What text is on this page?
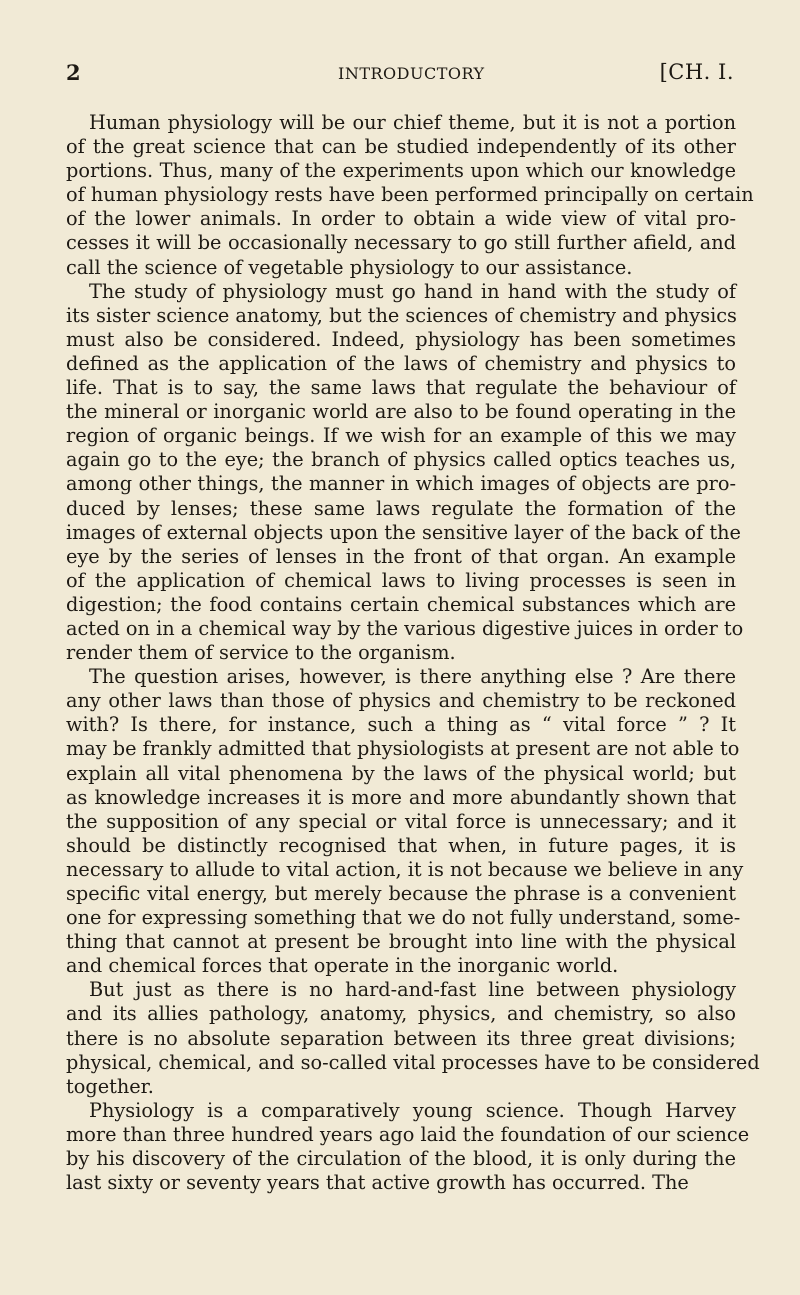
2	INTRODUCTORY	[CH. I.
Human physiology will be our chief theme, but it is not a portion
of the great science that can be studied independently of its other
portions. Thus, many of the experiments upon which our knowledge
of human physiology rests have been performed principally on certain
of the lower animals. In order to obtain a wide view of vital pro-
cesses it will be occasionally necessary to go still further afield, and
call the science of vegetable physiology to our assistance.
The study of physiology must go hand in hand with the study of
its sister science anatomy, but the sciences of chemistry and physics
must also be considered. Indeed, physiology has been sometimes
defined as the application of the laws of chemistry and physics to
life. That is to say, the same laws that regulate the behaviour of
the mineral or inorganic world are also to be found operating in the
region of organic beings. If we wish for an example of this we may
again go to the eye; the branch of physics called optics teaches us,
among other things, the manner in which images of objects are pro-
duced by lenses; these same laws regulate the formation of the
images of external objects upon the sensitive layer of the back of the
eye by the series of lenses in the front of that organ. An example
of the application of chemical laws to living processes is seen in
digestion; the food contains certain chemical substances which are
acted on in a chemical way by the various digestive juices in order to
render them of service to the organism.
The question arises, however, is there anything else ? Are there
any other laws than those of physics and chemistry to be reckoned
with? Is there, for instance, such a thing as “ vital force ” ? It
may be frankly admitted that physiologists at present are not able to
explain all vital phenomena by the laws of the physical world; but
as knowledge increases it is more and more abundantly shown that
the supposition of any special or vital force is unnecessary; and it
should be distinctly recognised that when, in future pages, it is
necessary to allude to vital action, it is not because we believe in any
specific vital energy, but merely because the phrase is a convenient
one for expressing something that we do not fully understand, some-
thing that cannot at present be brought into line with the physical
and chemical forces that operate in the inorganic world.
But just as there is no hard-and-fast line between physiology
and its allies pathology, anatomy, physics, and chemistry, so also
there is no absolute separation between its three great divisions;
physical, chemical, and so-called vital processes have to be considered
together.
Physiology is a comparatively young science. Though Harvey
more than three hundred years ago laid the foundation of our science
by his discovery of the circulation of the blood, it is only during the
last sixty or seventy years that active growth has occurred. The
